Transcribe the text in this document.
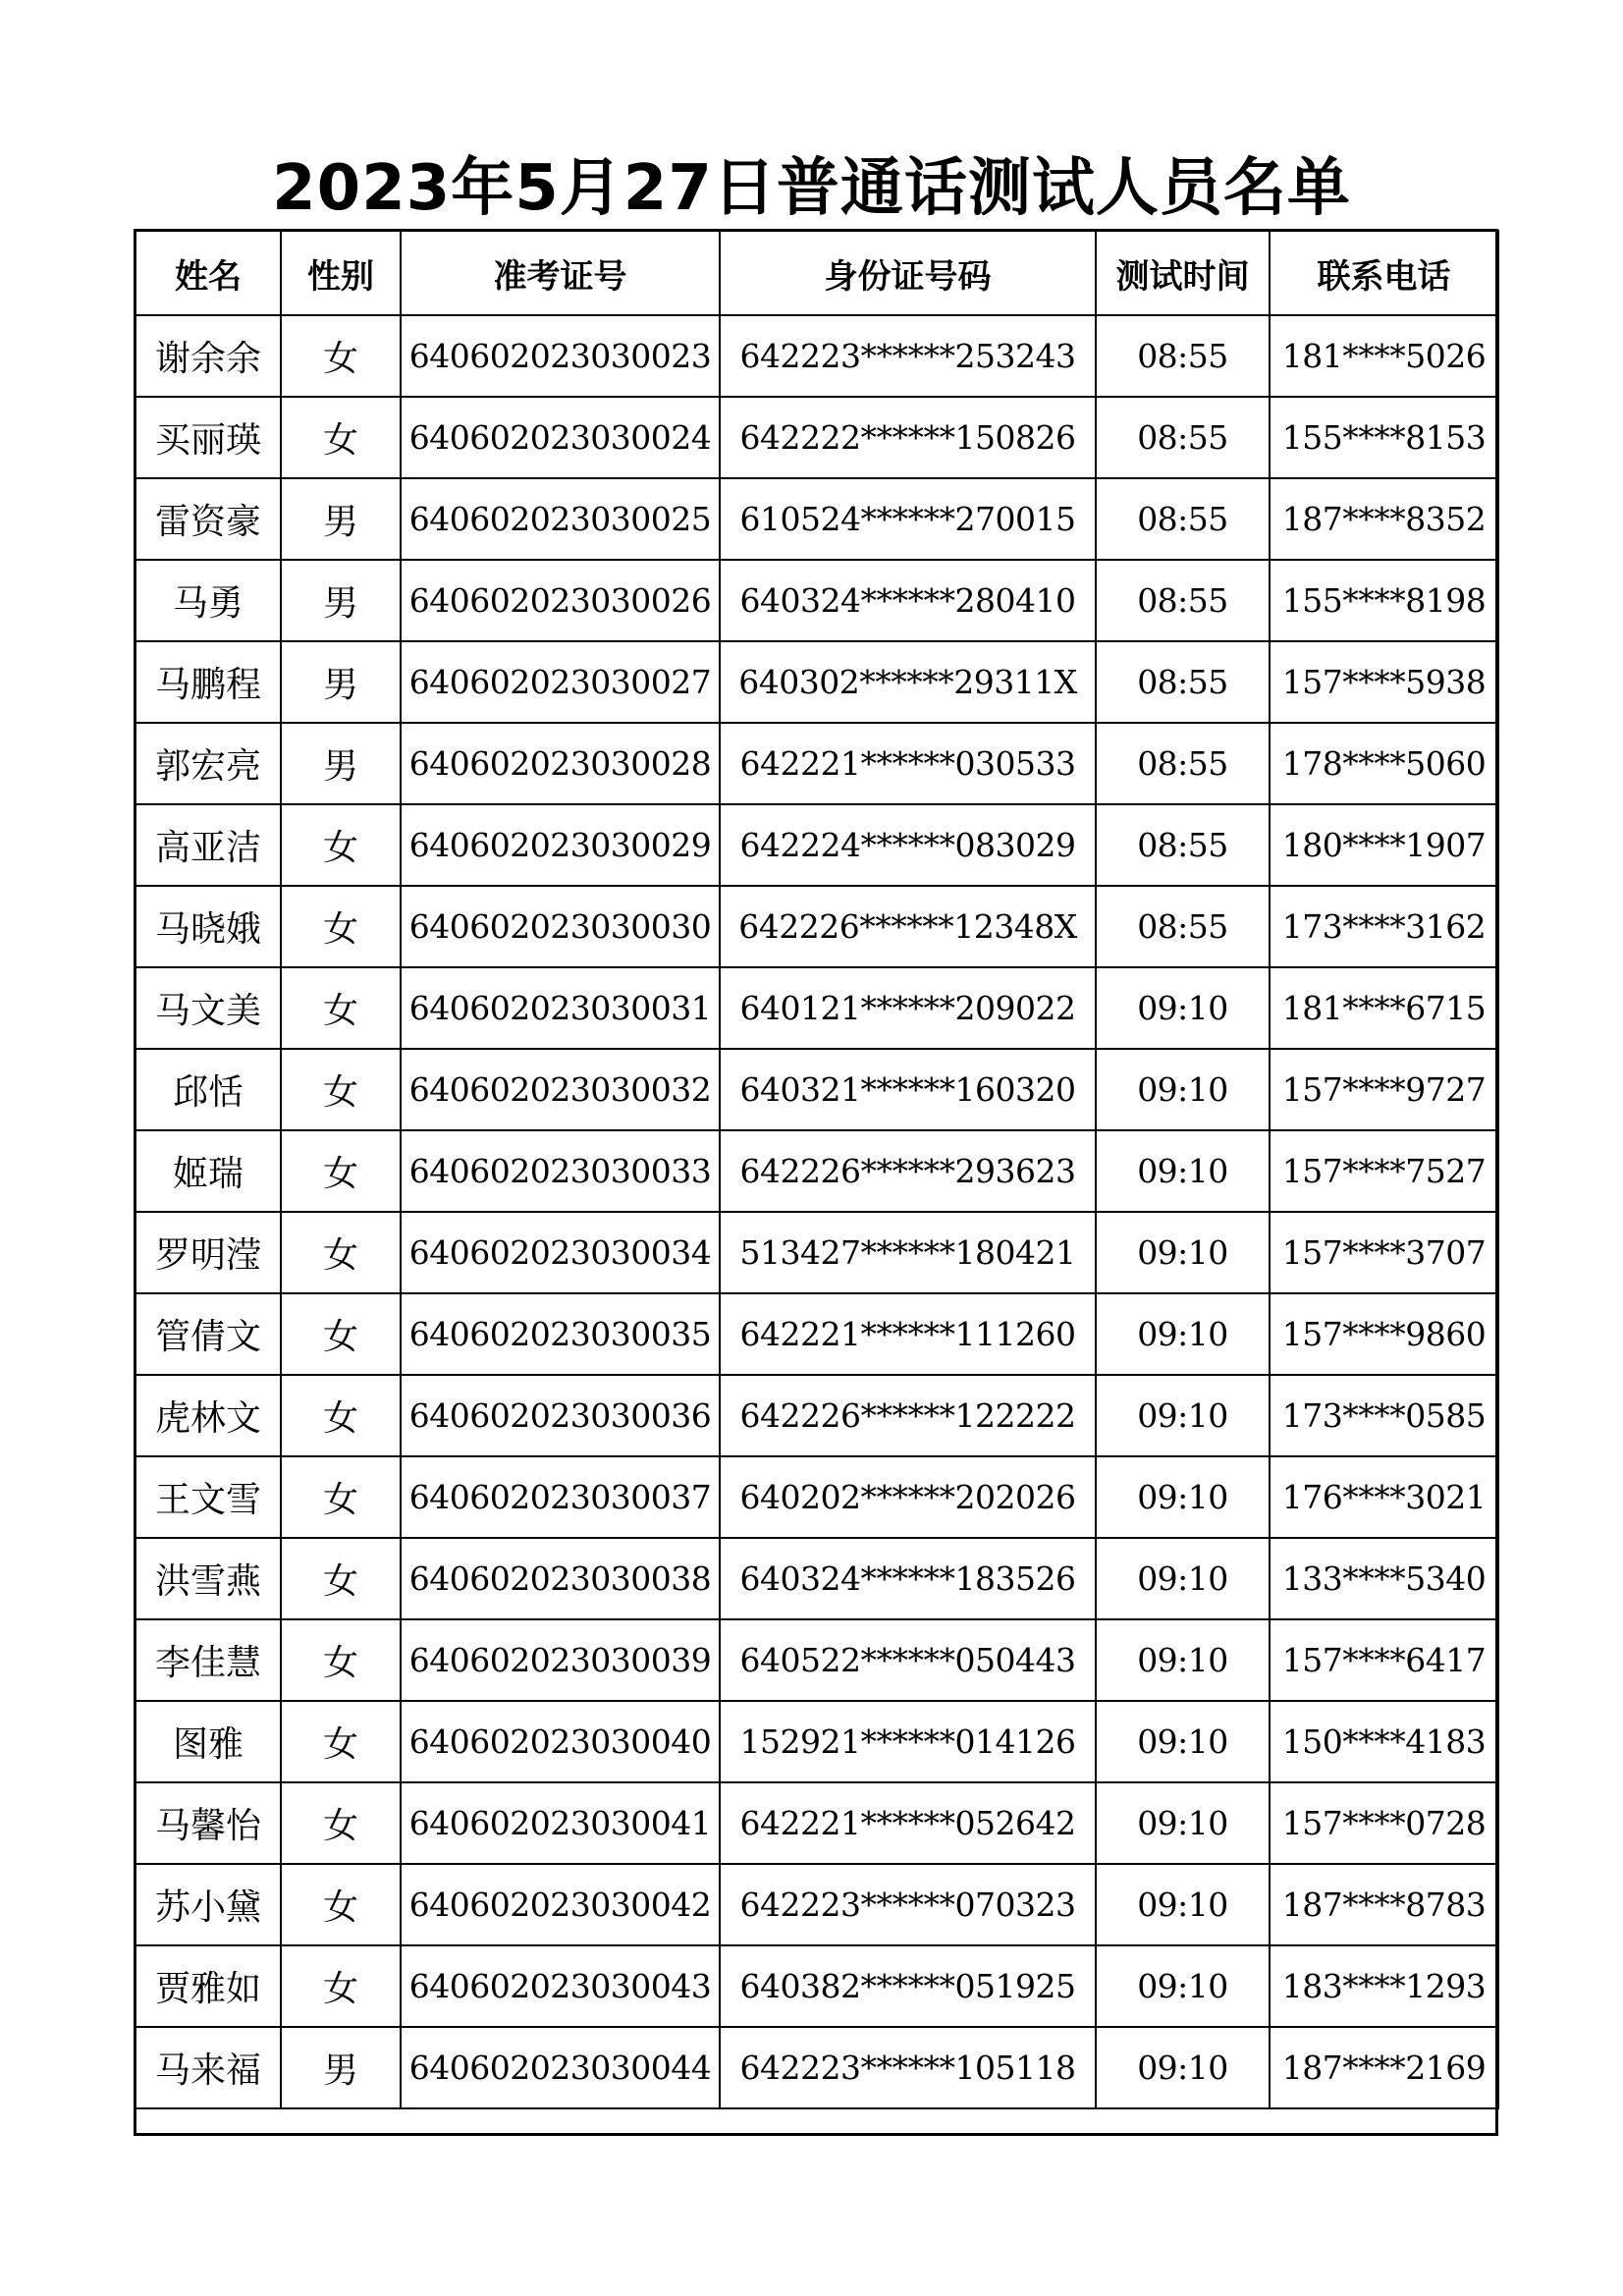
2023年5月27日普通话测试人员名单
姓名	性别	准考证号	身份证号码	测试时间	联系电话
谢余余	女	640602023030023	642223******253243	08:55	181****5026
买丽瑛	女	640602023030024	642222******150826	08:55	155****8153
雷资豪	男	640602023030025	610524******270015	08:55	187****8352
马勇	男	640602023030026	640324******280410	08:55	155****8198
马鹏程	男	640602023030027	640302******29311X	08:55	157****5938
郭宏亮	男	640602023030028	642221******030533	08:55	178****5060
高亚洁	女	640602023030029	642224******083029	08:55	180****1907
马晓娥	女	640602023030030	642226******12348X	08:55	173****3162
马文美	女	640602023030031	640121******209022	09:10	181****6715
邱恬	女	640602023030032	640321******160320	09:10	157****9727
姬瑞	女	640602023030033	642226******293623	09:10	157****7527
罗明滢	女	640602023030034	513427******180421	09:10	157****3707
管倩文	女	640602023030035	642221******111260	09:10	157****9860
虎林文	女	640602023030036	642226******122222	09:10	173****0585
王文雪	女	640602023030037	640202******202026	09:10	176****3021
洪雪燕	女	640602023030038	640324******183526	09:10	133****5340
李佳慧	女	640602023030039	640522******050443	09:10	157****6417
图雅	女	640602023030040	152921******014126	09:10	150****4183
马馨怡	女	640602023030041	642221******052642	09:10	157****0728
苏小黛	女	640602023030042	642223******070323	09:10	187****8783
贾雅如	女	640602023030043	640382******051925	09:10	183****1293
马来福	男	640602023030044	642223******105118	09:10	187****2169
